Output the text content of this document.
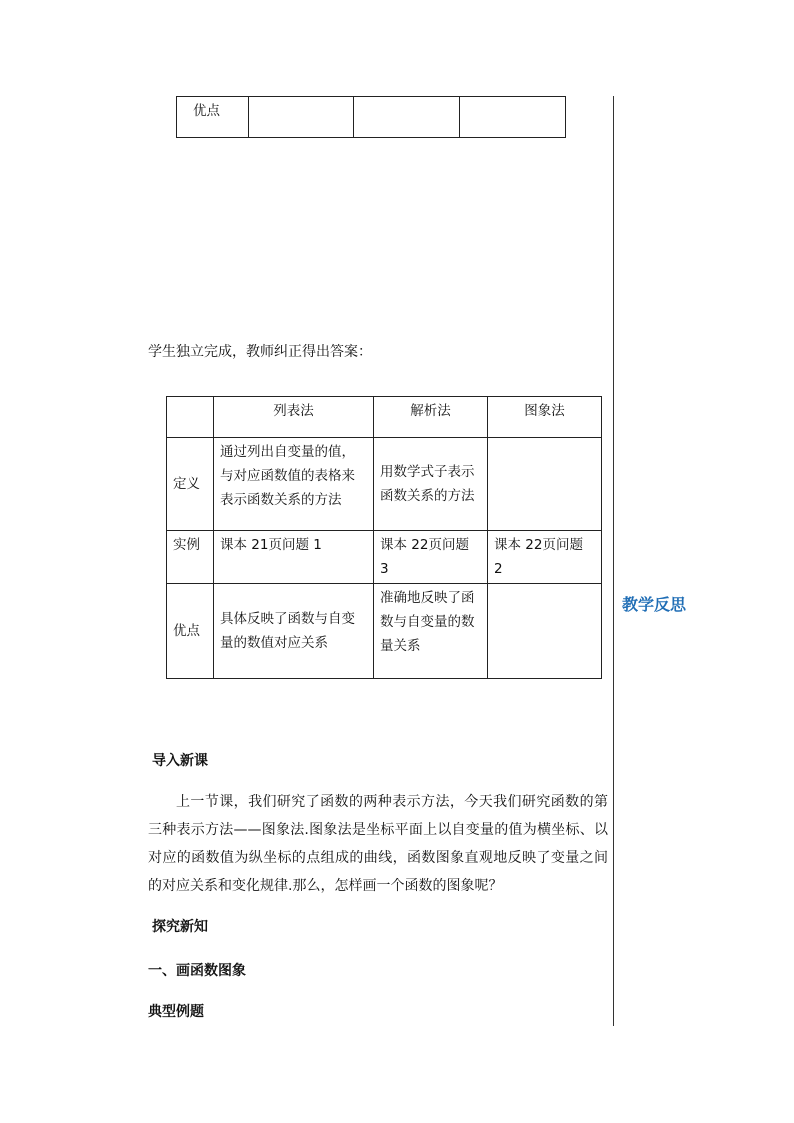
优点			
教学反思
学生独立完成，教师纠正得出答案：
	列表法	解析法	图象法
定义	通过列出自变量的值，与对应函数值的表格来表示函数关系的方法	用数学式子表示函数关系的方法	
实例	课本 21页问题 1	课本 22页问题 3	课本 22页问题 2
优点	具体反映了函数与自变量的数值对应关系	准确地反映了函数与自变量的数量关系	
导入新课
上一节课，我们研究了函数的两种表示方法，今天我们研究函数的第三种表示方法——图象法.图象法是坐标平面上以自变量的值为横坐标、以对应的函数值为纵坐标的点组成的曲线，函数图象直观地反映了变量之间的对应关系和变化规律.那么，怎样画一个函数的图象呢？
探究新知
一、画函数图象
典型例题
